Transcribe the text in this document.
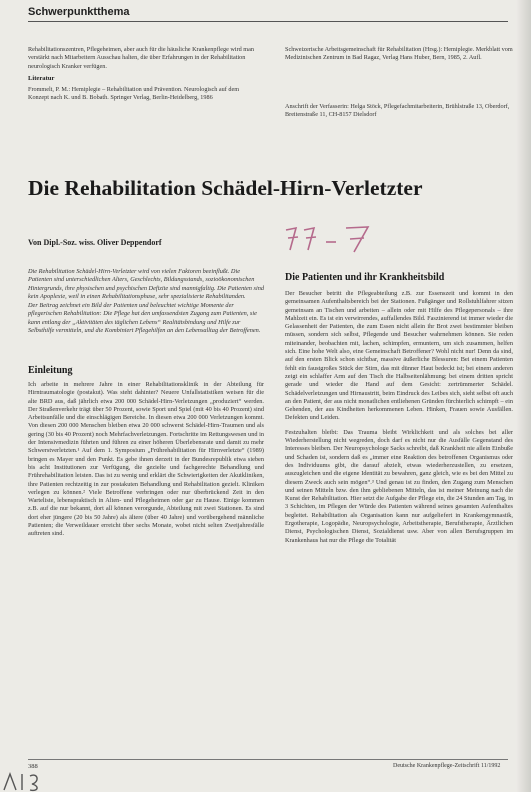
Schwerpunktthema

Rehabilitationszentren, Pflegeheimen, aber auch für die häusliche Krankenpflege wird man verstärkt nach Mitarbeitern Ausschau halten, die über Erfahrungen in der Rehabilitation neurologisch Kranker verfügen.

Literatur

Frommelt, P. M.: Hemiplegie – Rehabilitation und Prävention. Neurologisch auf dem Konzept nach K. und B. Bobath. Springer Verlag, Berlin-Heidelberg, 1986

Schweizerische Arbeitsgemeinschaft für Rehabilitation (Hrsg.): Hemiplegie. Merkblatt vom Medizinischen Zentrum in Bad Ragaz, Verlag Hans Huber, Bern, 1985, 2. Aufl.

Anschrift der Verfasserin: Helga Stöck, Pflegefachmitarbeiterin, Brühlstraße 13, Oberdorf, Breitenstraße 11, CH-8157 Dielsdorf

Die Rehabilitation Schädel-Hirn-Verletzter
Von Dipl.-Soz. wiss. Oliver Deppendorf

Die Rehabilitation Schädel-Hirn-Verletzter wird von vielen Faktoren beeinflußt. Die Patienten sind unterschiedlichen Alters, Geschlechts, Bildungsstands, sozioökonomischen Hintergrunds, ihre physischen und psychischen Defizite sind mannigfaltig. Die Patienten sind kein Apoplexie, weil in einen Rehabilitationsphase, sehr spezialisierte Rehabilitanden.

Der Beitrag zeichnet ein Bild der Patienten und beleuchtet wichtige Momente der pflegerischen Rehabilitation: Die Pflege hat den umfassendsten Zugang zum Patienten, sie kann entlang der „Aktivitäten des täglichen Lebens“ Realitätsbindung und Hilfe zur Selbsthilfe vermitteln, und die Kombiniert Pflegehilfen an den Lebensalltag der Betroffenen.

Einleitung

Ich arbeite in mehrere Jahre in einer Rehabilitationsklinik in der Abteilung für Hirntraumatologie (postakut). Was steht dahinter? Neuere Unfallstatistiken weisen für die alte BRD aus, daß jährlich etwa 200 000 Schädel-Hirn-Verletzungen „produziert“ werden. Der Straßenverkehr trägt über 50 Prozent, sowie Sport und Spiel (mit 40 bis 40 Prozent) sind Arbeitsunfälle und die einschlägigen Bereiche. In diesen etwa 200 000 Verletzungen kommt. Von diesen 200 000 Menschen bleiben etwa 20 000 schwerst Schädel-Hirn-Traumen und als gering (30 bis 40 Prozent) noch Mehrfachverletzungen. Fortschritte im Rettungswesen und in der Intensivmedizin führten und führen zu einer höheren Überlebensrate und damit zu mehr Schwerstverletzten.¹ Auf dem 1. Symposium „Frührehabilitation für Hirnverletzte“ (1989) bringen es Mayer und den Punkt. Es gebe ihnen derzeit in der Bundesrepublik etwa sieben bis acht Institutionen zur Verfügung, die gezielte und fachgerechte Behandlung und Frührehabilitation leisten. Das ist zu wenig und erklärt die Schwierigkeiten der Akutkliniken, ihre Patienten rechtzeitig in zur postakuten Behandlung und Rehabilitation gezielt. Kliniken verlegen zu können.² Viele Betroffene verbringen oder nur überbrückend Zeit in den Warteliste, lebenspraktisch in Alten- und Pflegeheimen oder gar zu Hause. Einige kommen z.B. auf die nur bekannt, dort all können verorgunde, Abteilung mit zwei Stationen. Es sind dort eher jüngere (20 bis 50 Jahre) als ältere (über 40 Jahre) und vorübergehend männliche Patienten; die Verweildauer erreicht über sechs Monate, wobei nicht selten Zweijahresfälle auftreten sind.

Die Patienten und ihr Krankheitsbild

Der Besucher betritt die Pflegeabteilung z.B. zur Essenszeit und kommt in den gemeinsamen Aufenthaltsbereich bei der Stationen. Fußgänger und Rollstuhlfahrer sitzen gemeinsam an Tischen und arbeiten – allein oder mit Hilfe des Pflegepersonals – ihre Mahlzeit ein. Es ist ein verwirrendes, auffallendes Bild. Faszinierend ist immer wieder die Gelassenheit der Patienten, die zum Essen nicht allein ihr Brot zwei bestimmter bleiben müssen, sondern sich selbst, Pflegende und Besucher wahrnehmen können. Sie reden miteinander, beobachten mit, lachen, schimpfen, ermuntern, um sich zusammen, helfen sich. Eine hohe Welt also, eine Gemeinschaft Betroffener? Wohl nicht nur! Denn da sind, auf den ersten Blick schon sichtbar, massive äußerliche Blessuren: Bei einem Patienten fehlt ein faustgroßes Stück der Stirn, das mit dünner Haut bedeckt ist; bei einem anderen zeigt ein schlaffer Arm auf den Tisch die Halbseitenlähmung; bei einem dritten spricht gerade und wieder die Hand auf dem Gesicht: zertrümmerter Schädel. Schädelverletzungen und Hirnaustritt, beim Eindruck des Leibes sich, sieht selbst oft auch an den Patient, der aus nicht monatlichen entliehenen Gründen fürchterlich schimpft – ein Gehenden, der aus Kindheiten herkommenen Leben. Hinken, Frauen sowie Ausfällen. Defekten und Leiden.

Festzuhalten bleibt: Das Trauma bleibt Wirklichkeit und als solches bei aller Wiederherstellung nicht wegreden, doch darf es nicht nur die Ausfälle Gegenstand des Interesses bleiben. Der Neuropsychologe Sacks schreibt, daß Krankheit nie allein Einbuße und Schaden ist, sondern daß es „immer eine Reaktion des betroffenen Organismus oder des Individuums gibt, die darauf abzielt, etwas wiederherzustellen, zu ersetzen, auszugleichen und die eigene Identität zu bewahren, ganz gleich, wie es bei den Mittel zu diesem Zweck auch sein mögen“.³ Und genau ist zu finden, den Zugang zum Menschen und seinen Mitteln bzw. den ihm gebliebenen Mitteln, das ist meiner Meinung nach die Kunst der Rehabilitation. Hier setzt die Aufgabe der Pflege ein, die 24 Stunden am Tag, in 3 Schichten, im Pflegen der Würde des Patienten während seines gesamten Aufenthaltes begleitet. Rehabilitation als Organisation kann nur aufgeliefert in Krankengymnastik, Ergotherapie, Logopädie, Neuropsychologie, Arbeitstherapie, Berufstherapie, Ärztlichen Dienst, Psychologischen Dienst, Sozialdienst usw. Aber von allen Berufsgruppen im Krankenhaus hat nur die Pflege die Totalität

388	Deutsche Krankenpflege-Zeitschrift 11/1992
